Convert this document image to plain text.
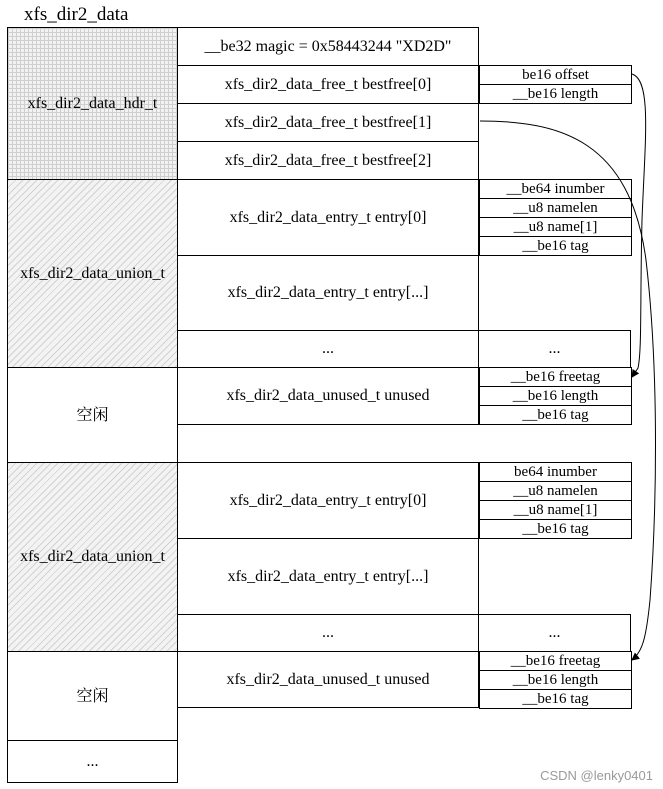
xfs_dir2_data
xfs_dir2_data_hdr_t
xfs_dir2_data_union_t
空闲
xfs_dir2_data_union_t
空闲
...
__be32 magic = 0x58443244 "XD2D"
xfs_dir2_data_free_t bestfree[0]
xfs_dir2_data_free_t bestfree[1]
xfs_dir2_data_free_t bestfree[2]
be16 offset
__be16 length
xfs_dir2_data_entry_t entry[0]
xfs_dir2_data_entry_t entry[...]
...	...
__be64 inumber
__u8 namelen
__u8 name[1]
__be16 tag
xfs_dir2_data_unused_t unused
__be16 freetag
__be16 length
__be16 tag
xfs_dir2_data_entry_t entry[0]
xfs_dir2_data_entry_t entry[...]
...	...
be64 inumber
__u8 namelen
__u8 name[1]
__be16 tag
xfs_dir2_data_unused_t unused
__be16 freetag
__be16 length
__be16 tag
CSDN @lenky0401
